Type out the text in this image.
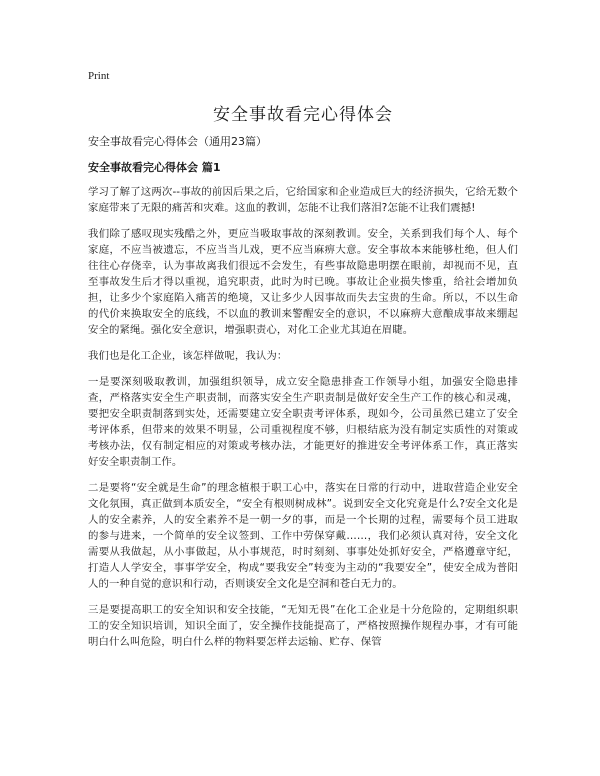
Print
安全事故看完心得体会
安全事故看完心得体会（通用23篇）
安全事故看完心得体会 篇1

学习了解了这两次--事故的前因后果之后，它给国家和企业造成巨大的经济损失，它给无数个家庭带来了无限的痛苦和灾难。这血的教训，怎能不让我们落泪?怎能不让我们震撼!

我们除了感叹现实残酷之外，更应当吸取事故的深刻教训。安全，关系到我们每个人、每个家庭，不应当被遗忘，不应当当儿戏，更不应当麻痹大意。安全事故本来能够杜绝，但人们往往心存侥幸，认为事故离我们很远不会发生，有些事故隐患明摆在眼前，却视而不见，直至事故发生后才得以重视，追究职责，此时为时已晚。事故让企业损失惨重，给社会增加负担，让多少个家庭陷入痛苦的绝境，又让多少人因事故而失去宝贵的生命。所以，不以生命的代价来换取安全的底线，不以血的教训来警醒安全的意识，不以麻痹大意酿成事故来绷起安全的紧绳。强化安全意识，增强职责心，对化工企业尤其迫在眉睫。

我们也是化工企业，该怎样做呢，我认为：

一是要深刻吸取教训，加强组织领导，成立安全隐患排查工作领导小组，加强安全隐患排查，严格落实安全生产职责制，而落实安全生产职责制是做好安全生产工作的核心和灵魂，要把安全职责制落到实处，还需要建立安全职责考评体系，现如今，公司虽然已建立了安全考评体系，但带来的效果不明显，公司重视程度不够，归根结底为没有制定实质性的对策或考核办法，仅有制定相应的对策或考核办法，才能更好的推进安全考评体系工作，真正落实好安全职责制工作。

二是要将“安全就是生命”的理念植根于职工心中，落实在日常的行动中，进取营造企业安全文化氛围，真正做到本质安全，“安全有根则树成林”。说到安全文化究竟是什么?安全文化是人的安全素养，人的安全素养不是一朝一夕的事，而是一个长期的过程，需要每个员工进取的参与进来，一个简单的安全议签到、工作中劳保穿戴……，我们必须认真对待，安全文化需要从我做起，从小事做起，从小事规范，时时刻刻、事事处处抓好安全，严格遵章守纪，打造人人学安全，事事学安全，构成“要我安全”转变为主动的“我要安全”，使安全成为普阳人的一种自觉的意识和行动，否则谈安全文化是空洞和苍白无力的。

三是要提高职工的安全知识和安全技能，“无知无畏”在化工企业是十分危险的，定期组织职工的安全知识培训，知识全面了，安全操作技能提高了，严格按照操作规程办事，才有可能明白什么叫危险，明白什么样的物料要怎样去运输、贮存、保管
